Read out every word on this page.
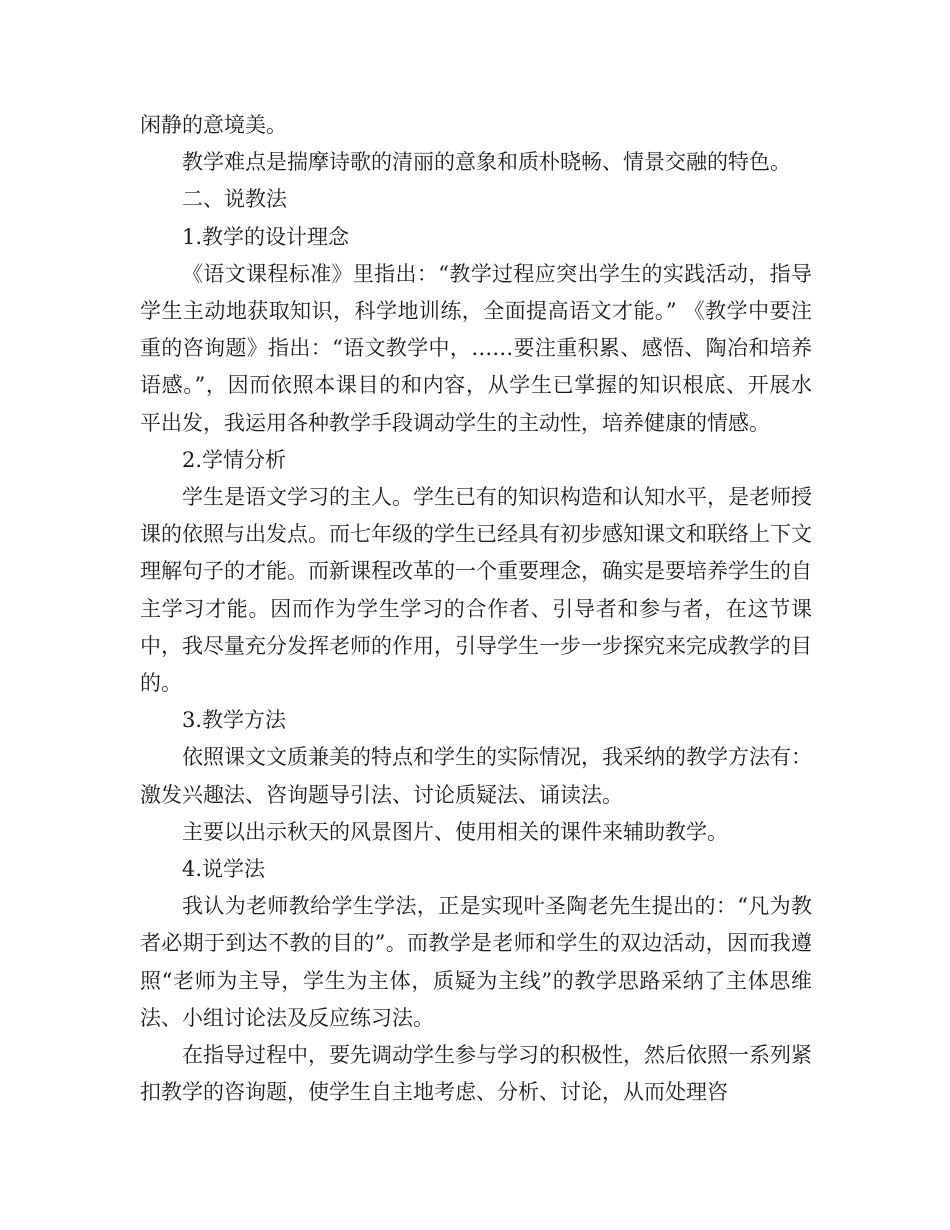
闲静的意境美。

教学难点是揣摩诗歌的清丽的意象和质朴晓畅、情景交融的特色。

二、说教法

1.教学的设计理念

《语文课程标准》里指出：“教学过程应突出学生的实践活动，指导学生主动地获取知识，科学地训练，全面提高语文才能。” 《教学中要注重的咨询题》指出：“语文教学中，……要注重积累、感悟、陶冶和培养语感。”，因而依照本课目的和内容，从学生已掌握的知识根底、开展水平出发，我运用各种教学手段调动学生的主动性，培养健康的情感。

2.学情分析

学生是语文学习的主人。学生已有的知识构造和认知水平，是老师授课的依照与出发点。而七年级的学生已经具有初步感知课文和联络上下文理解句子的才能。而新课程改革的一个重要理念，确实是要培养学生的自主学习才能。因而作为学生学习的合作者、引导者和参与者，在这节课中，我尽量充分发挥老师的作用，引导学生一步一步探究来完成教学的目的。

3.教学方法

依照课文文质兼美的特点和学生的实际情况，我采纳的教学方法有：激发兴趣法、咨询题导引法、讨论质疑法、诵读法。

主要以出示秋天的风景图片、使用相关的课件来辅助教学。

4.说学法

我认为老师教给学生学法，正是实现叶圣陶老先生提出的：“凡为教者必期于到达不教的目的”。而教学是老师和学生的双边活动，因而我遵照“老师为主导，学生为主体，质疑为主线”的教学思路采纳了主体思维法、小组讨论法及反应练习法。

在指导过程中，要先调动学生参与学习的积极性，然后依照一系列紧扣教学的咨询题，使学生自主地考虑、分析、讨论，从而处理咨
